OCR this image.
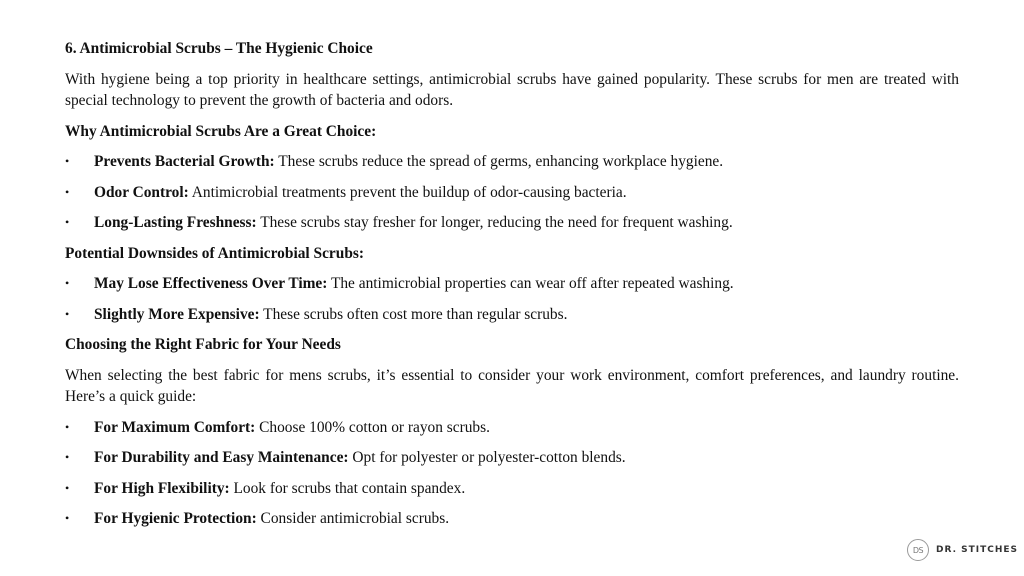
6. Antimicrobial Scrubs – The Hygienic Choice
With hygiene being a top priority in healthcare settings, antimicrobial scrubs have gained popularity. These scrubs for men are treated with special technology to prevent the growth of bacteria and odors.
Why Antimicrobial Scrubs Are a Great Choice:
• Prevents Bacterial Growth: These scrubs reduce the spread of germs, enhancing workplace hygiene.
• Odor Control: Antimicrobial treatments prevent the buildup of odor-causing bacteria.
• Long-Lasting Freshness: These scrubs stay fresher for longer, reducing the need for frequent washing.
Potential Downsides of Antimicrobial Scrubs:
• May Lose Effectiveness Over Time: The antimicrobial properties can wear off after repeated washing.
• Slightly More Expensive: These scrubs often cost more than regular scrubs.
Choosing the Right Fabric for Your Needs
When selecting the best fabric for mens scrubs, it’s essential to consider your work environment, comfort preferences, and laundry routine. Here’s a quick guide:
• For Maximum Comfort: Choose 100% cotton or rayon scrubs.
• For Durability and Easy Maintenance: Opt for polyester or polyester-cotton blends.
• For High Flexibility: Look for scrubs that contain spandex.
• For Hygienic Protection: Consider antimicrobial scrubs.
DS DR. STITCHES
